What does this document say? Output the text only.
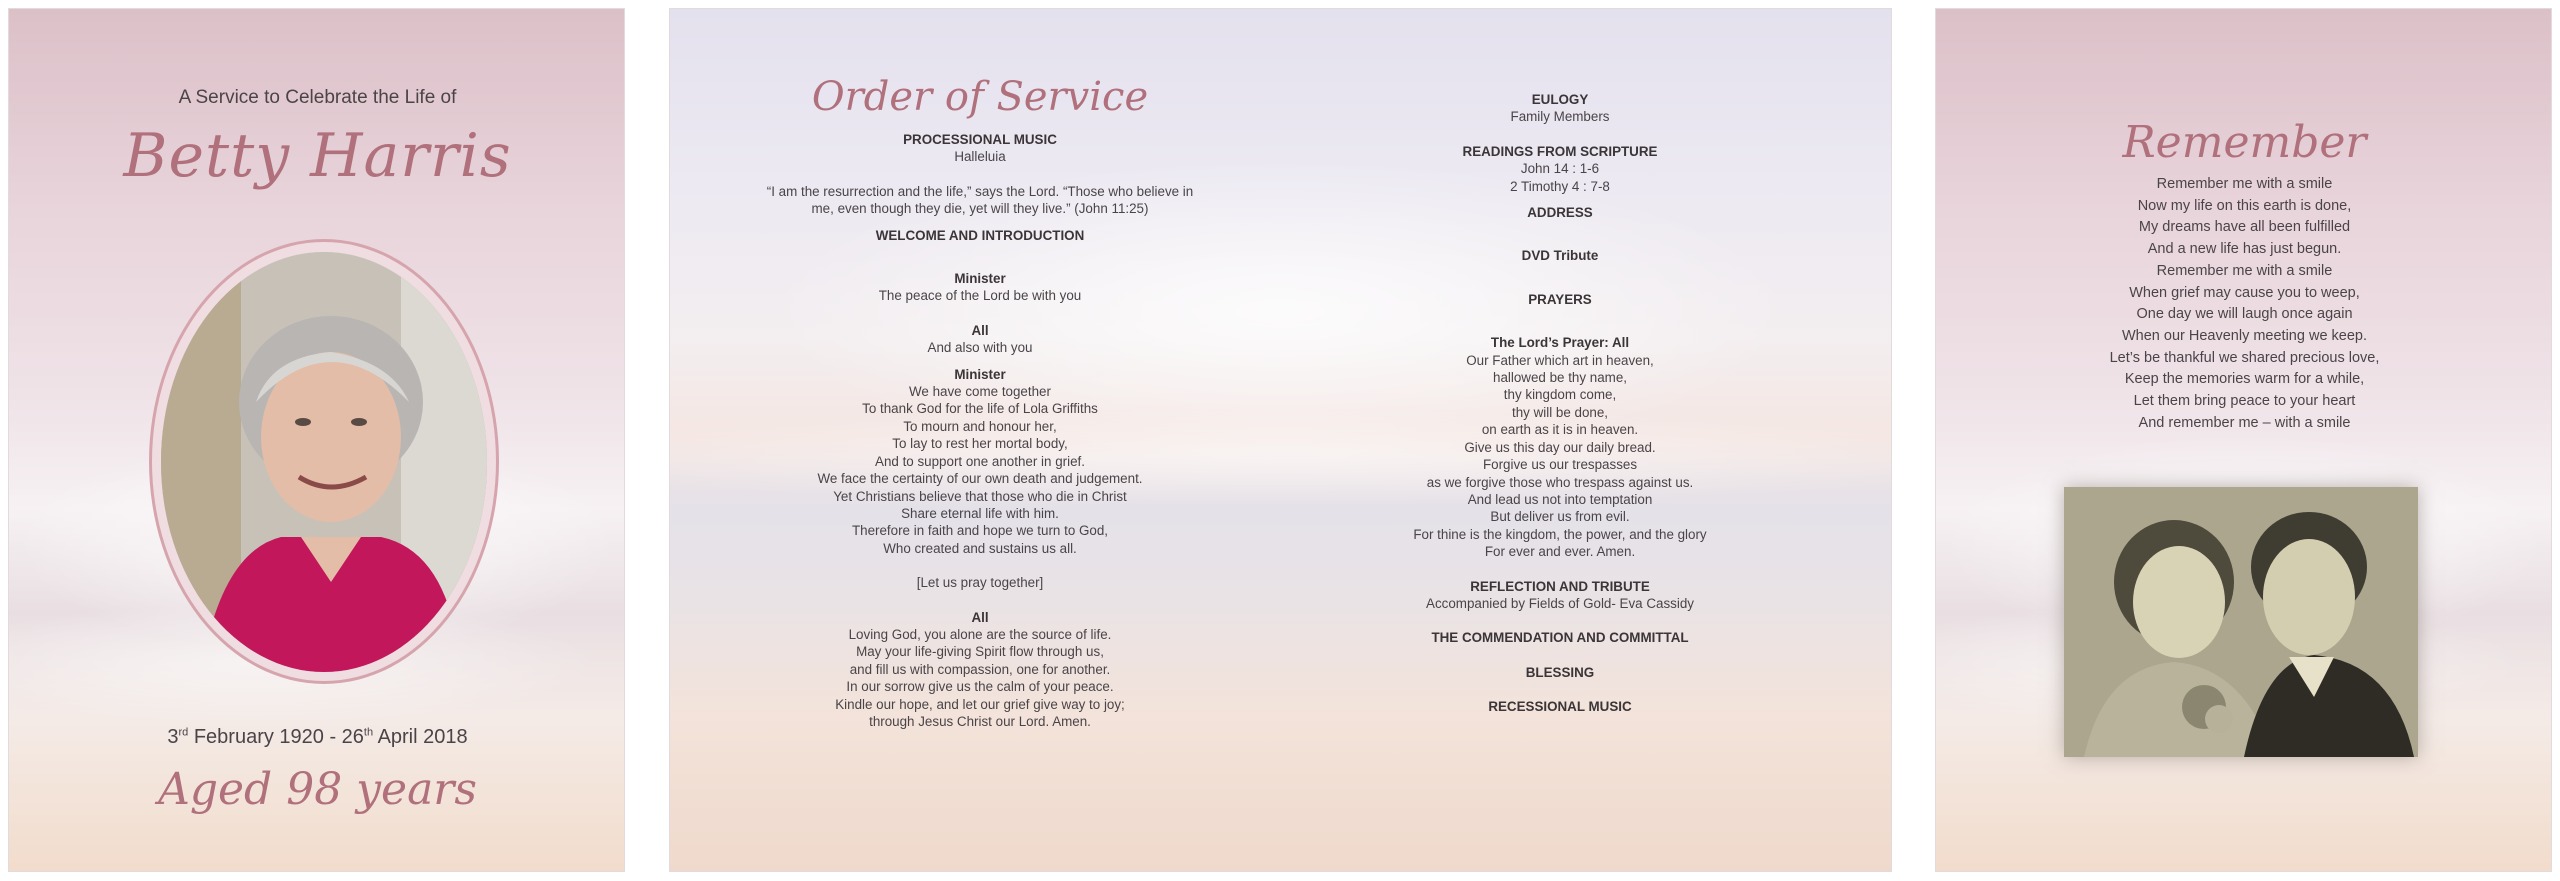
A Service to Celebrate the Life of
Betty Harris
3rd February 1920 - 26th April 2018
Aged 98 years
Order of Service
PROCESSIONAL MUSIC
Halleluia
“I am the resurrection and the life,” says the Lord. “Those who believe in
me, even though they die, yet will they live.” (John 11:25)
WELCOME AND INTRODUCTION
Minister
The peace of the Lord be with you
All
And also with you
Minister
We have come together
To thank God for the life of Lola Griffiths
To mourn and honour her,
To lay to rest her mortal body,
And to support one another in grief.
We face the certainty of our own death and judgement.
Yet Christians believe that those who die in Christ
Share eternal life with him.
Therefore in faith and hope we turn to God,
Who created and sustains us all.
[Let us pray together]
All
Loving God, you alone are the source of life.
May your life-giving Spirit flow through us,
and fill us with compassion, one for another.
In our sorrow give us the calm of your peace.
Kindle our hope, and let our grief give way to joy;
through Jesus Christ our Lord. Amen.
EULOGY
Family Members
READINGS FROM SCRIPTURE
John 14 : 1-6
2 Timothy 4 : 7-8
ADDRESS
DVD Tribute
PRAYERS
The Lord’s Prayer: All
Our Father which art in heaven,
hallowed be thy name,
thy kingdom come,
thy will be done,
on earth as it is in heaven.
Give us this day our daily bread.
Forgive us our trespasses
as we forgive those who trespass against us.
And lead us not into temptation
But deliver us from evil.
For thine is the kingdom, the power, and the glory
For ever and ever. Amen.
REFLECTION AND TRIBUTE
Accompanied by Fields of Gold- Eva Cassidy
THE COMMENDATION AND COMMITTAL
BLESSING
RECESSIONAL MUSIC
Remember
Remember me with a smile
Now my life on this earth is done,
My dreams have all been fulfilled
And a new life has just begun.
Remember me with a smile
When grief may cause you to weep,
One day we will laugh once again
When our Heavenly meeting we keep.
Let’s be thankful we shared precious love,
Keep the memories warm for a while,
Let them bring peace to your heart
And remember me – with a smile
